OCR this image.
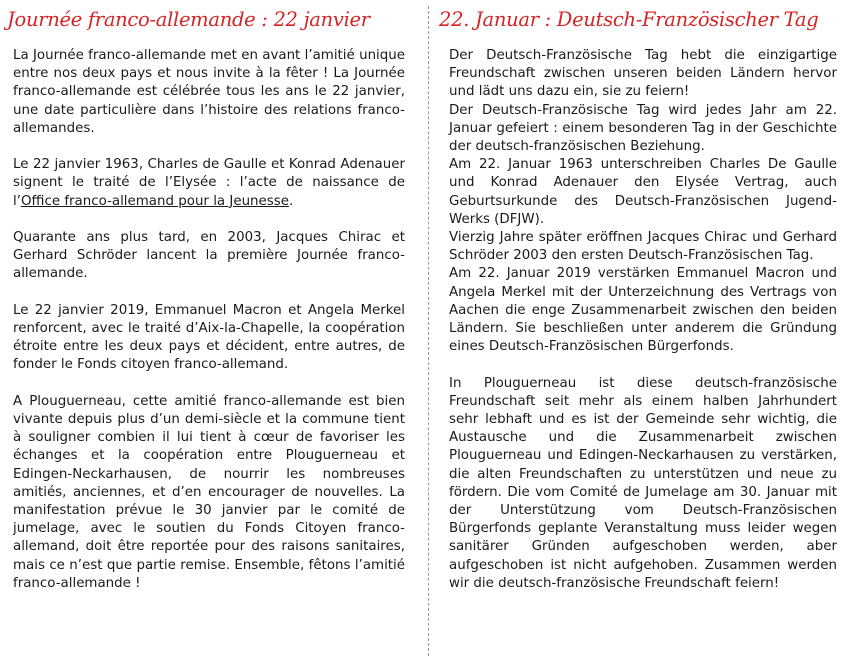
Journée franco-allemande : 22 janvier

La Journée franco-allemande met en avant l’amitié unique entre nos deux pays et nous invite à la fêter ! La Journée franco-allemande est célébrée tous les ans le 22 janvier, une date particulière dans l’histoire des relations franco-allemandes.

Le 22 janvier 1963, Charles de Gaulle et Konrad Adenauer signent le traité de l’Elysée : l’acte de naissance de l’Office franco-allemand pour la Jeunesse.

Quarante ans plus tard, en 2003, Jacques Chirac et Gerhard Schröder lancent la première Journée franco-allemande.

Le 22 janvier 2019, Emmanuel Macron et Angela Merkel renforcent, avec le traité d’Aix-la-Chapelle, la coopération étroite entre les deux pays et décident, entre autres, de fonder le Fonds citoyen franco-allemand.

A Plouguerneau, cette amitié franco-allemande est bien vivante depuis plus d’un demi-siècle et la commune tient à souligner combien il lui tient à cœur de favoriser les échanges et la coopération entre Plouguerneau et Edingen-Neckarhausen, de nourrir les nombreuses amitiés, anciennes, et d’en encourager de nouvelles. La manifestation prévue le 30 janvier par le comité de jumelage, avec le soutien du Fonds Citoyen franco-allemand, doit être reportée pour des raisons sanitaires, mais ce n’est que partie remise. Ensemble, fêtons l’amitié franco-allemande !

22. Januar : Deutsch-Französischer Tag

Der Deutsch-Französische Tag hebt die einzigartige Freundschaft zwischen unseren beiden Ländern hervor und lädt uns dazu ein, sie zu feiern!

Der Deutsch-Französische Tag wird jedes Jahr am 22. Januar gefeiert : einem besonderen Tag in der Geschichte der deutsch-französischen Beziehung.

Am 22. Januar 1963 unterschreiben Charles De Gaulle und Konrad Adenauer den Elysée Vertrag, auch Geburtsurkunde des Deutsch-Französischen Jugend-Werks (DFJW).

Vierzig Jahre später eröffnen Jacques Chirac und Gerhard Schröder 2003 den ersten Deutsch-Französischen Tag.

Am 22. Januar 2019 verstärken Emmanuel Macron und Angela Merkel mit der Unterzeichnung des Vertrags von Aachen die enge Zusammenarbeit zwischen den beiden Ländern. Sie beschließen unter anderem die Gründung eines Deutsch-Französischen Bürgerfonds.

In Plouguerneau ist diese deutsch-französische Freundschaft seit mehr als einem halben Jahrhundert sehr lebhaft und es ist der Gemeinde sehr wichtig, die Austausche und die Zusammenarbeit zwischen Plouguerneau und Edingen-Neckarhausen zu verstärken, die alten Freundschaften zu unterstützen und neue zu fördern. Die vom Comité de Jumelage am 30. Januar mit der Unterstützung vom Deutsch-Französischen Bürgerfonds geplante Veranstaltung muss leider wegen sanitärer Gründen aufgeschoben werden, aber aufgeschoben ist nicht aufgehoben. Zusammen werden wir die deutsch-französische Freundschaft feiern!
